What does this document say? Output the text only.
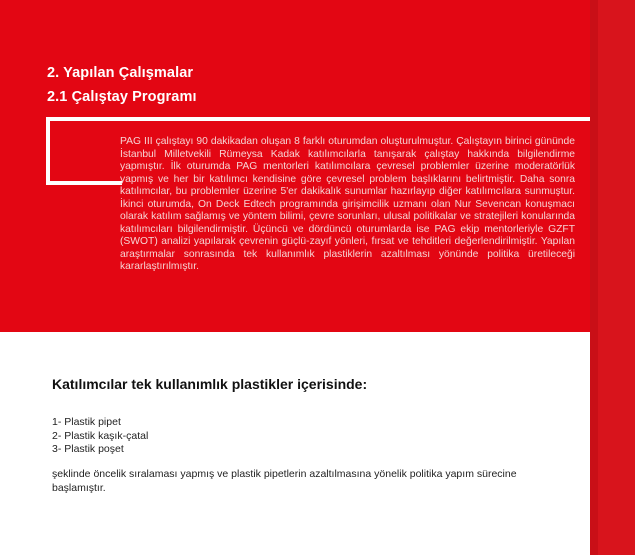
2. Yapılan Çalışmalar
2.1 Çalıştay Programı

PAG III çalıştayı 90 dakikadan oluşan 8 farklı oturumdan oluşturulmuştur. Çalıştayın birinci gününde İstanbul Milletvekili Rümeysa Kadak katılımcılarla tanışarak çalıştay hakkında bilgilendirme yapmıştır. İlk oturumda PAG mentorleri katılımcılara çevresel problemler üzerine moderatörlük yapmış ve her bir katılımcı kendisine göre çevresel problem başlıklarını belirtmiştir. Daha sonra katılımcılar, bu problemler üzerine 5'er dakikalık sunumlar hazırlayıp diğer katılımcılara sunmuştur. İkinci oturumda, On Deck Edtech programında girişimcilik uzmanı olan Nur Sevencan konuşmacı olarak katılım sağlamış ve yöntem bilimi, çevre sorunları, ulusal politikalar ve stratejileri konularında katılımcıları bilgilendirmiştir. Üçüncü ve dördüncü oturumlarda ise PAG ekip mentorleriyle GZFT (SWOT) analizi yapılarak çevrenin güçlü-zayıf yönleri, fırsat ve tehditleri değerlendirilmiştir. Yapılan araştırmalar sonrasında tek kullanımlık plastiklerin azaltılması yönünde politika üretileceği kararlaştırılmıştır.

Katılımcılar tek kullanımlık plastikler içerisinde:
1- Plastik pipet
2- Plastik kaşık-çatal
3- Plastik poşet

şeklinde öncelik sıralaması yapmış ve plastik pipetlerin azaltılmasına yönelik politika yapım sürecine başlamıştır.
